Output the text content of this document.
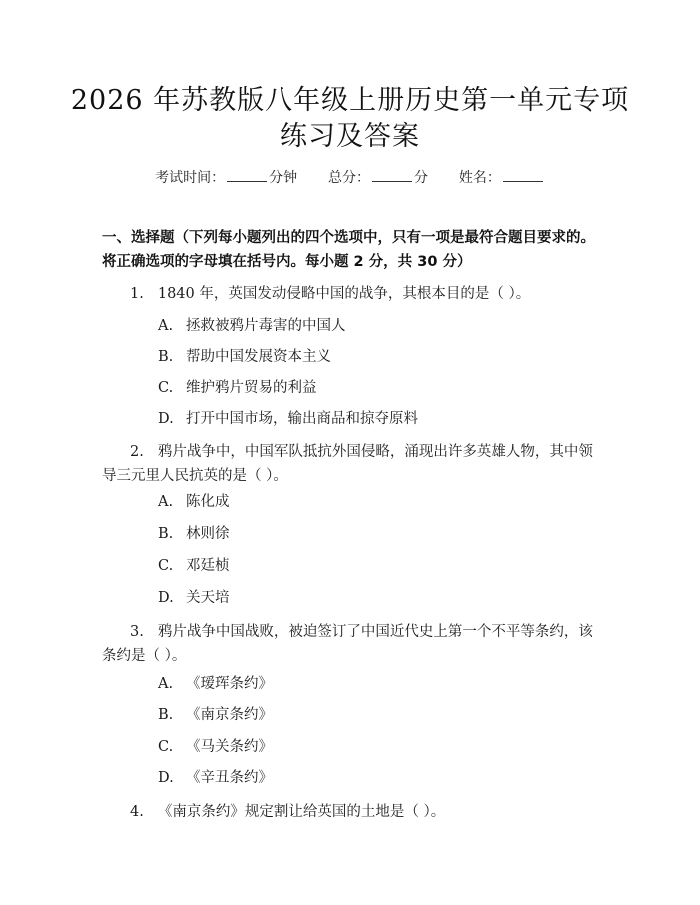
2026 年苏教版八年级上册历史第一单元专项
练习及答案
考试时间：	分钟 总分：	分 姓名：
一、选择题（下列每小题列出的四个选项中，只有一项是最符合题目要求的。将正确选项的字母填在括号内。每小题 2 分，共 30 分）
1. 1840 年，英国发动侵略中国的战争，其根本目的是（ ）。
A. 拯救被鸦片毒害的中国人
B. 帮助中国发展资本主义
C. 维护鸦片贸易的利益
D. 打开中国市场，输出商品和掠夺原料
2. 鸦片战争中，中国军队抵抗外国侵略，涌现出许多英雄人物，其中领导三元里人民抗英的是（ ）。
A. 陈化成
B. 林则徐
C. 邓廷桢
D. 关天培
3. 鸦片战争中国战败，被迫签订了中国近代史上第一个不平等条约，该条约是（ ）。
A. 《瑷珲条约》
B. 《南京条约》
C. 《马关条约》
D. 《辛丑条约》
4. 《南京条约》规定割让给英国的土地是（ ）。
